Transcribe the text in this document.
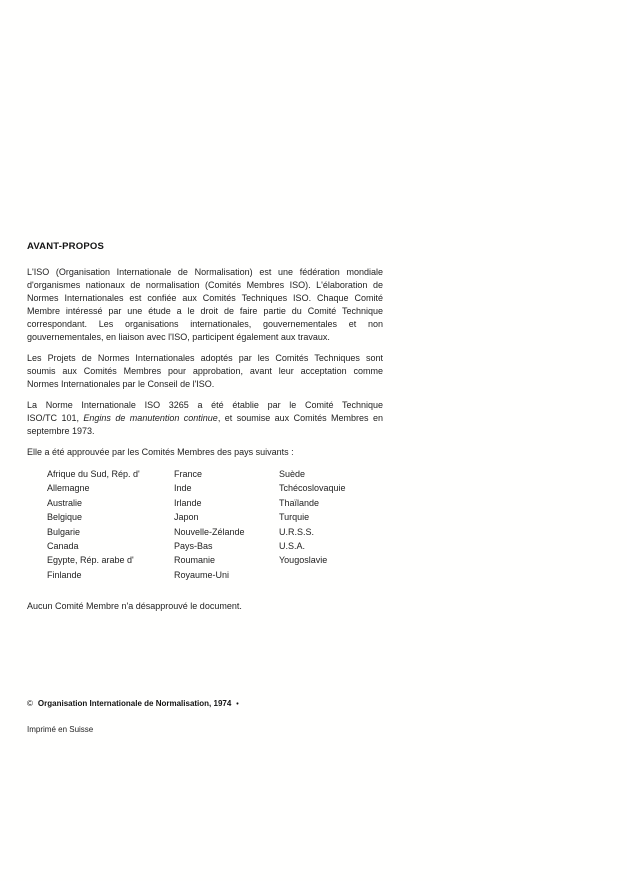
AVANT-PROPOS
L'ISO (Organisation Internationale de Normalisation) est une fédération mondiale
d'organismes nationaux de normalisation (Comités Membres ISO). L'élaboration de
Normes Internationales est confiée aux Comités Techniques ISO. Chaque Comité
Membre intéressé par une étude a le droit de faire partie du Comité Technique
correspondant. Les organisations internationales, gouvernementales et non
gouvernementales, en liaison avec l'ISO, participent également aux travaux.
Les Projets de Normes Internationales adoptés par les Comités Techniques sont
soumis aux Comités Membres pour approbation, avant leur acceptation comme
Normes Internationales par le Conseil de l'ISO.
La Norme Internationale ISO 3265 a été établie par le Comité Technique
ISO/TC 101, Engins de manutention continue, et soumise aux Comités Membres en
septembre 1973.
Elle a été approuvée par les Comités Membres des pays suivants :
Afrique du Sud, Rép. d'
Allemagne
Australie
Belgique
Bulgarie
Canada
Egypte, Rép. arabe d'
Finlande
France
Inde
Irlande
Japon
Nouvelle-Zélande
Pays-Bas
Roumanie
Royaume-Uni
Suède
Tchécoslovaquie
Thaïlande
Turquie
U.R.S.S.
U.S.A.
Yougoslavie

Aucun Comité Membre n'a désapprouvé le document.

© Organisation Internationale de Normalisation, 1974 •

Imprimé en Suisse
